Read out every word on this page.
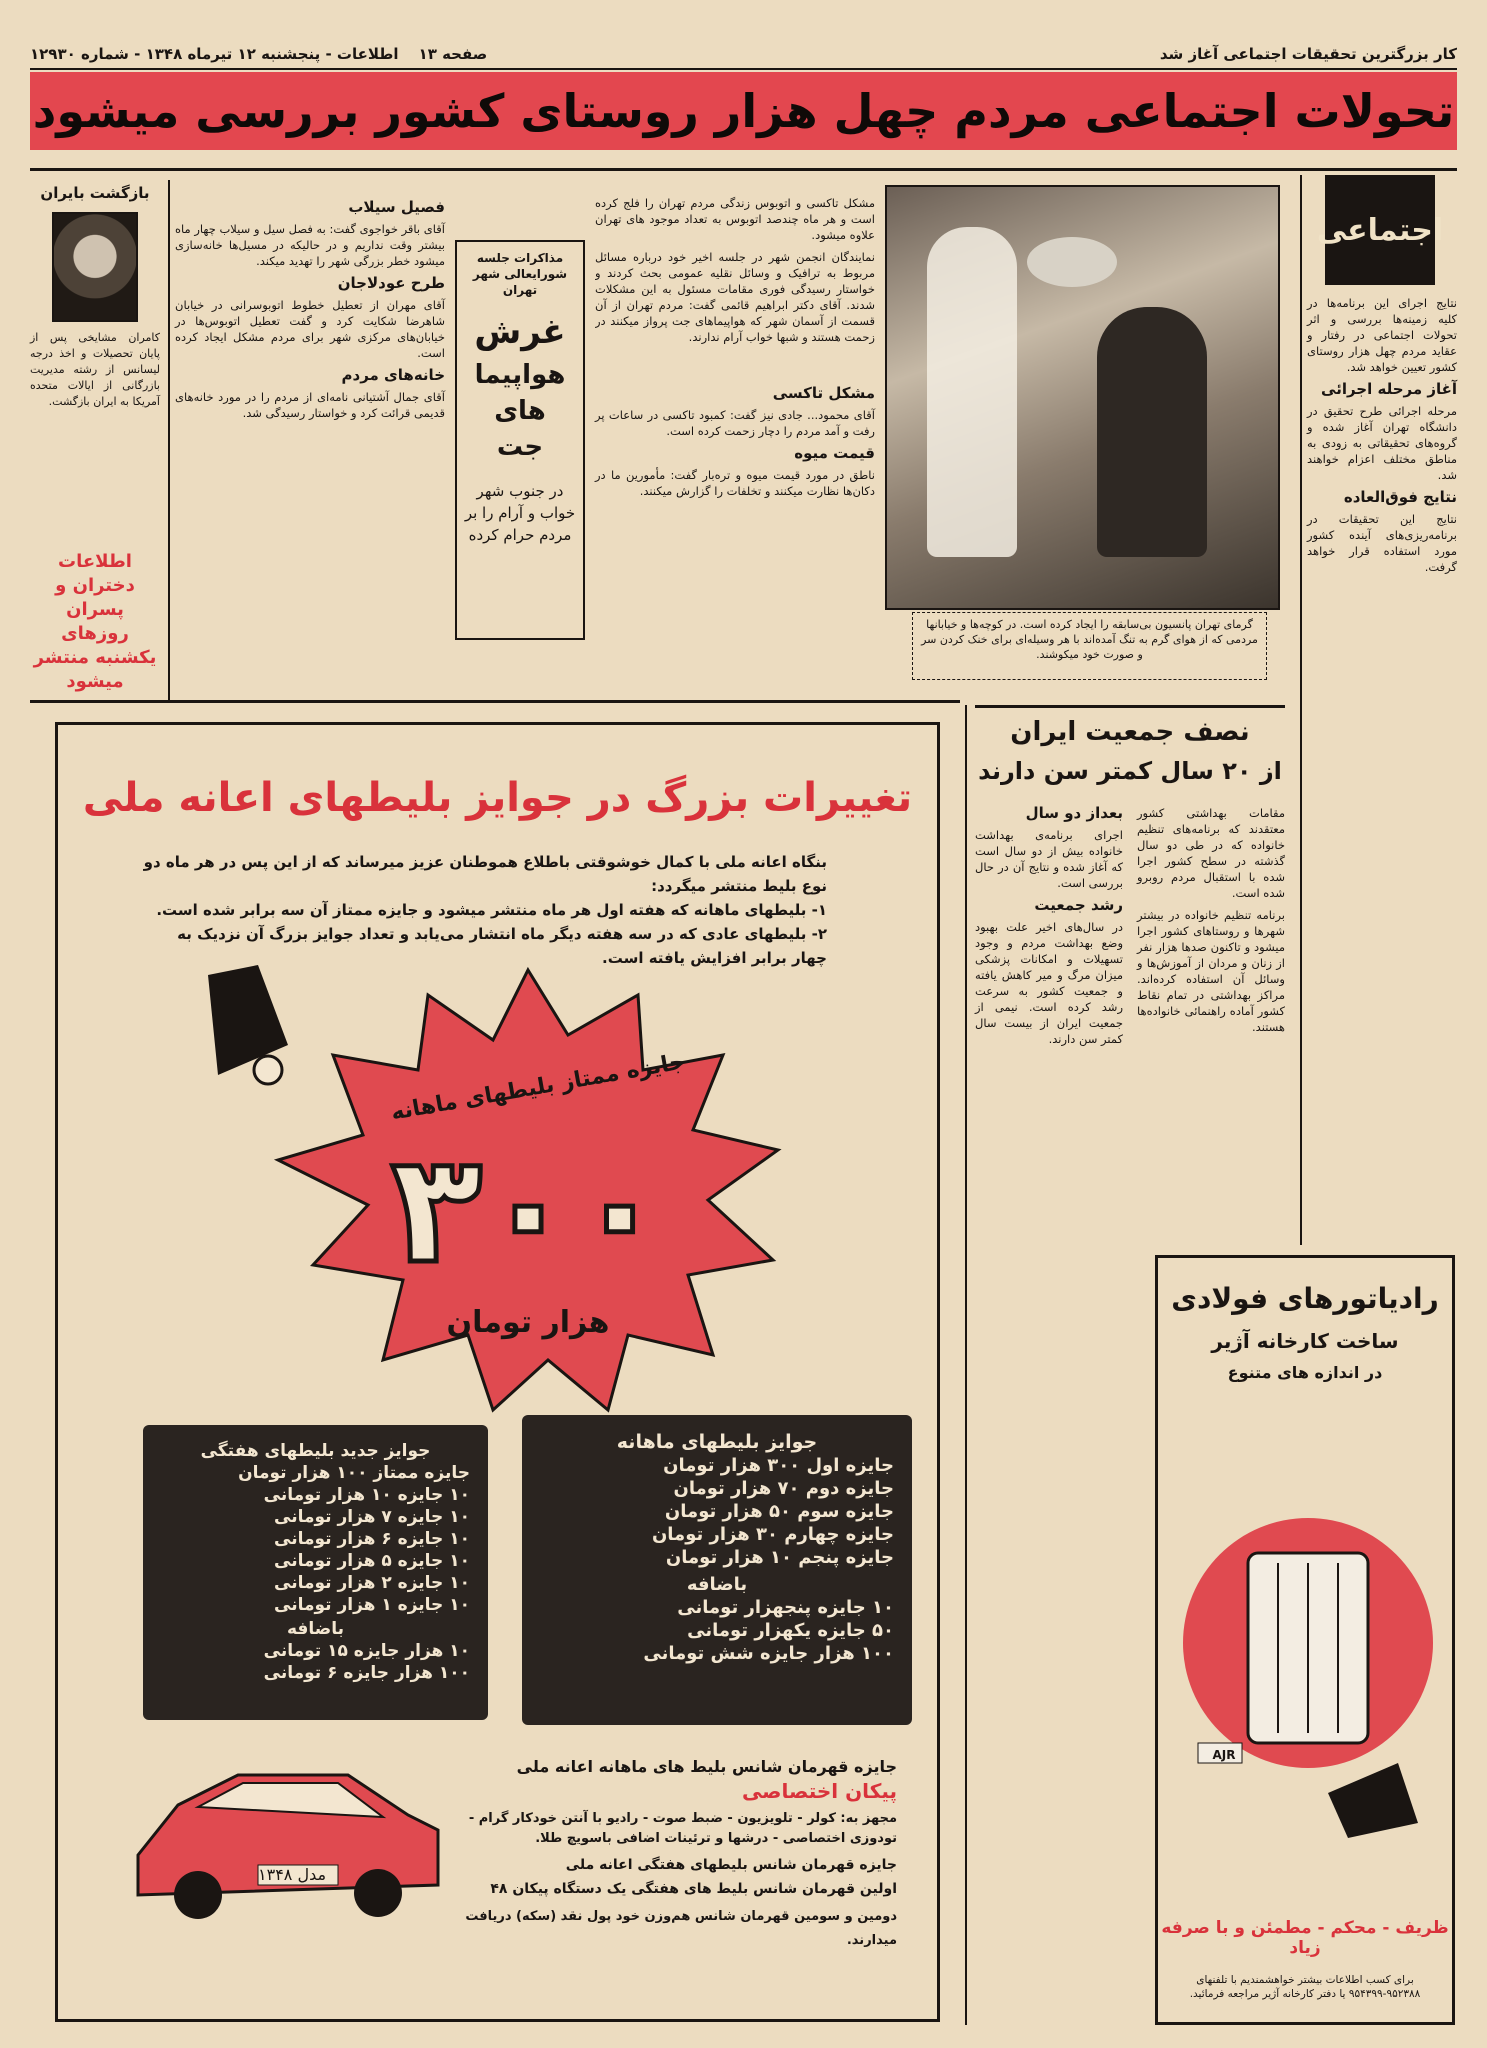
کار بزرگترین تحقیقات اجتماعی آغاز شد
صفحه ۱۳
اطلاعات - پنجشنبه ۱۲ تیرماه ۱۳۴۸ - شماره ۱۲۹۳۰
تحولات اجتماعی مردم چهل هزار روستای کشور بررسی میشود
اجتماعی

نتایج اجرای این برنامه‌ها در کلیه زمینه‌ها بررسی و اثر تحولات اجتماعی در رفتار و عقاید مردم چهل هزار روستای کشور تعیین خواهد شد.

آغاز مرحله اجرائی

مرحله اجرائی طرح تحقیق در دانشگاه تهران آغاز شده و گروه‌های تحقیقاتی به زودی به مناطق مختلف اعزام خواهند شد.

نتایج فوق‌العاده

نتایج این تحقیقات در برنامه‌ریزی‌های آینده کشور مورد استفاده قرار خواهد گرفت.

گرمای تهران پانسیون بی‌سابقه را ایجاد کرده است. در کوچه‌ها و خیابانها مردمی که از هوای گرم به تنگ آمده‌اند با هر وسیله‌ای برای خنک کردن سر و صورت خود میکوشند.

مشکل تاکسی و اتوبوس زندگی مردم تهران را فلج کرده است و هر ماه چندصد اتوبوس به تعداد موجود های تهران علاوه میشود.

نمایندگان انجمن شهر در جلسه اخیر خود درباره مسائل مربوط به ترافیک و وسائل نقلیه عمومی بحث کردند و خواستار رسیدگی فوری مقامات مسئول به این مشکلات شدند. آقای دکتر ابراهیم قائمی گفت: مردم تهران از آن قسمت از آسمان شهر که هواپیماهای جت پرواز میکنند در زحمت هستند و شبها خواب آرام ندارند.

مشکل تاکسی

آقای محمود... جادی نیز گفت: کمبود تاکسی در ساعات پر رفت و آمد مردم را دچار زحمت کرده است.

قیمت میوه

ناطق در مورد قیمت میوه و تره‌بار گفت: مأمورین ما در دکان‌ها نظارت میکنند و تخلفات را گزارش میکنند.

مذاکرات جلسه شورایعالی شهر تهران
غرش
هواپیما
های
جت
در جنوب شهر خواب و آرام را بر مردم حرام کرده
فصیل سیلاب

آقای باقر خواجوی گفت: به فصل سیل و سیلاب چهار ماه بیشتر وقت نداریم و در حالیکه در مسیل‌ها خانه‌سازی میشود خطر بزرگی شهر را تهدید میکند.

طرح عودلاجان

آقای مهران از تعطیل خطوط اتوبوسرانی در خیابان شاهرضا شکایت کرد و گفت تعطیل اتوبوس‌ها در خیابان‌های مرکزی شهر برای مردم مشکل ایجاد کرده است.

خانه‌های مردم

آقای جمال آشتیانی نامه‌ای از مردم را در مورد خانه‌های قدیمی قرائت کرد و خواستار رسیدگی شد.

بازگشت بایران
کامران مشایخی پس از پایان تحصیلات و اخذ درجه لیسانس از رشته مدیریت بازرگانی از ایالات متحده آمریکا به ایران بازگشت.
اطلاعات دختران و پسران روزهای یکشنبه منتشر میشود
تغییرات بزرگ در جوایز بلیطهای اعانه ملی
بنگاه اعانه ملی با کمال خوشوقتی باطلاع هموطنان عزیز میرساند که از این پس در هر ماه دو نوع بلیط منتشر میگردد:
۱- بلیطهای ماهانه که هفته اول هر ماه منتشر میشود و جایزه ممتاز آن سه برابر شده است.
۲- بلیطهای عادی که در سه هفته دیگر ماه انتشار می‌یابد و تعداد جوایز بزرگ آن نزدیک به چهار برابر افزایش یافته است.
جایزه ممتاز بلیطهای ماهانه
۳۰۰
هزار تومان
جوایز بلیطهای ماهانه
جایزه اول ۳۰۰ هزار تومان
جایزه دوم ۷۰ هزار تومان
جایزه سوم ۵۰ هزار تومان
جایزه چهارم ۳۰ هزار تومان
جایزه پنجم ۱۰ هزار تومان
باضافه
۱۰ جایزه پنجهزار تومانی
۵۰ جایزه یکهزار تومانی
۱۰۰ هزار جایزه شش تومانی
جوایز جدید بلیطهای هفتگی
جایزه ممتاز ۱۰۰ هزار تومان
۱۰ جایزه ۱۰ هزار تومانی
۱۰ جایزه ۷ هزار تومانی
۱۰ جایزه ۶ هزار تومانی
۱۰ جایزه ۵ هزار تومانی
۱۰ جایزه ۲ هزار تومانی
۱۰ جایزه ۱ هزار تومانی
باضافه
۱۰ هزار جایزه ۱۵ تومانی
۱۰۰ هزار جایزه ۶ تومانی
جایزه قهرمان شانس بلیط های ماهانه اعانه ملی
پیکان اختصاصی
مجهز به: کولر - تلویزیون - ضبط صوت - رادیو با آنتن خودکار گرام - تودوزی اختصاصی - درشها و ترئینات اضافی باسویچ طلا.
جایزه قهرمان شانس بلیطهای هفتگی اعانه ملی
اولین قهرمان شانس بلیط های هفتگی یک دستگاه پیکان ۴۸
دومین و سومین قهرمان شانس هم‌وزن خود پول نقد (سکه) دریافت میدارند.
مدل ۱۳۴۸
نصف جمعیت ایران
از ۲۰ سال کمتر سن دارند

مقامات بهداشتی کشور معتقدند که برنامه‌های تنظیم خانواده که در طی دو سال گذشته در سطح کشور اجرا شده با استقبال مردم روبرو شده است.

برنامه تنظیم خانواده در بیشتر شهرها و روستاهای کشور اجرا میشود و تاکنون صدها هزار نفر از زنان و مردان از آموزش‌ها و وسائل آن استفاده کرده‌اند. مراکز بهداشتی در تمام نقاط کشور آماده راهنمائی خانواده‌ها هستند.

بعداز دو سال

اجرای برنامه‌ی بهداشت خانواده بیش از دو سال است که آغاز شده و نتایج آن در حال بررسی است.

رشد جمعیت

در سال‌های اخیر علت بهبود وضع بهداشت مردم و وجود تسهیلات و امکانات پزشکی میزان مرگ و میر کاهش یافته و جمعیت کشور به سرعت رشد کرده است. نیمی از جمعیت ایران از بیست سال کمتر سن دارند.

رادیاتورهای فولادی
ساخت کارخانه آژیر
در اندازه های متنوع
AJR
ظریف - محکم - مطمئن و با صرفه زیاد
برای کسب اطلاعات بیشتر خواهشمندیم با تلفنهای ۹۵۲۳۸۸-۹۵۴۳۹۹ یا دفتر کارخانه آژیر مراجعه فرمائید.
